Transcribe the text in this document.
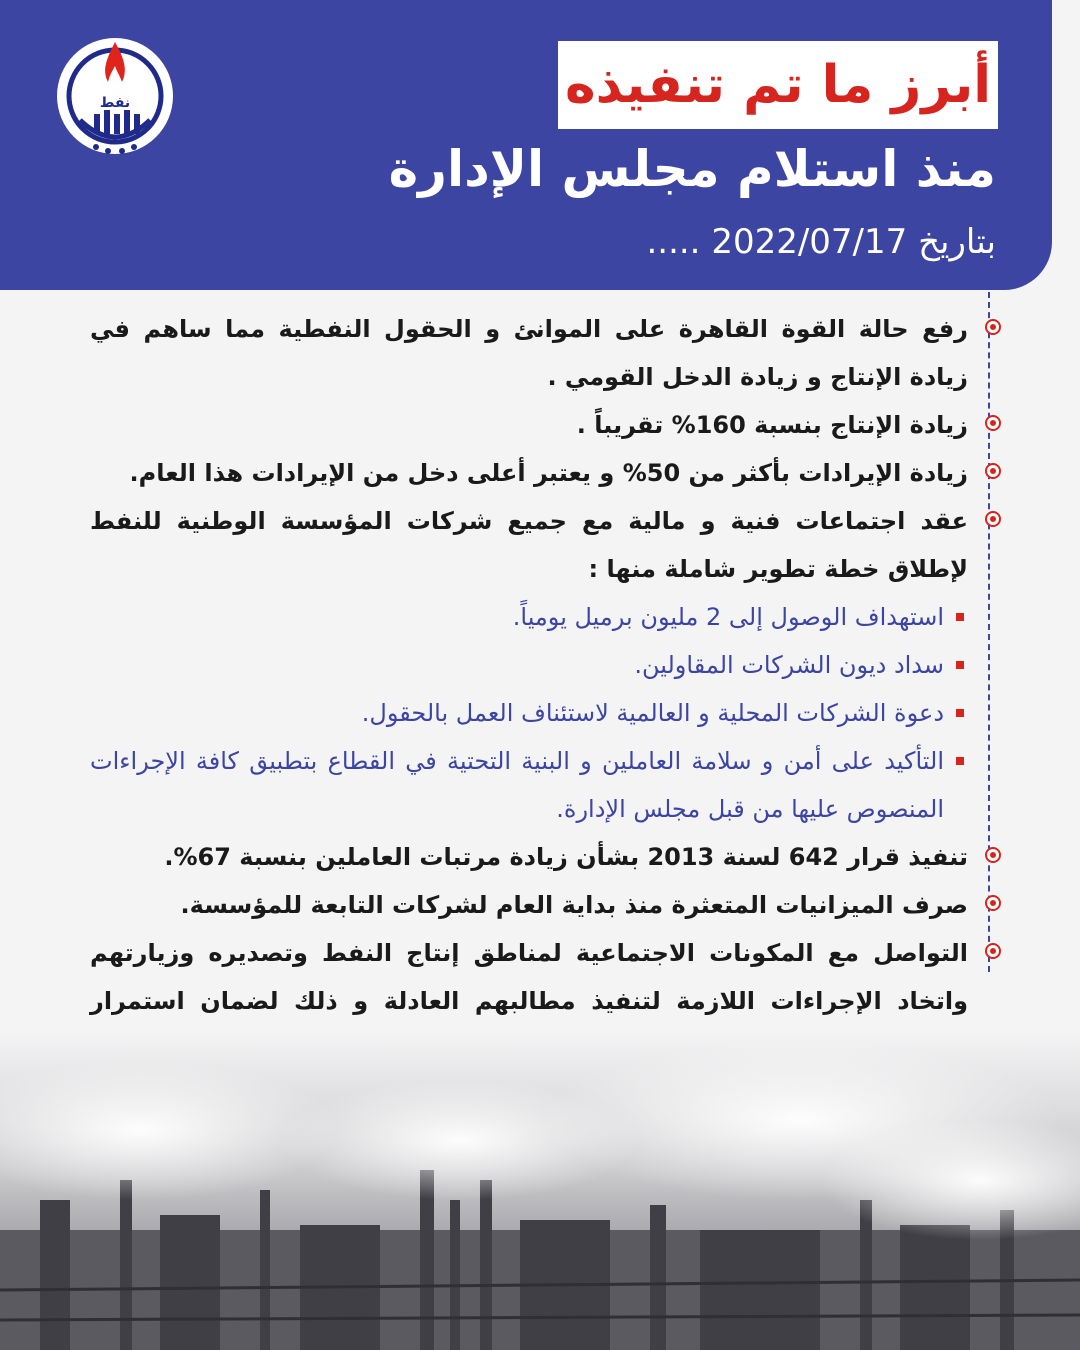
نفط	أبرز ما تم تنفيذه
منذ استلام مجلس الإدارة
بتاريخ 2022/07/17 .....

رفع حالة القوة القاهرة على الموانئ و الحقول النفطية مما ساهم في زيادة الإنتاج و زيادة الدخل القومي .

زيادة الإنتاج بنسبة 160% تقريباً .

زيادة الإيرادات بأكثر من 50% و يعتبر أعلى دخل من الإيرادات هذا العام.

عقد اجتماعات فنية و مالية مع جميع شركات المؤسسة الوطنية للنفط لإطلاق خطة تطوير شاملة منها :

استهداف الوصول إلى 2 مليون برميل يومياً.

سداد ديون الشركات المقاولين.

دعوة الشركات المحلية و العالمية لاستئناف العمل بالحقول.

التأكيد على أمن و سلامة العاملين و البنية التحتية في القطاع بتطبيق كافة الإجراءات المنصوص عليها من قبل مجلس الإدارة.

تنفيذ قرار 642 لسنة 2013 بشأن زيادة مرتبات العاملين بنسبة 67%.

صرف الميزانيات المتعثرة منذ بداية العام لشركات التابعة للمؤسسة.

التواصل مع المكونات الاجتماعية لمناطق إنتاج النفط وتصديره وزيارتهم واتخاد الإجراءات اللازمة لتنفيذ مطالبهم العادلة و ذلك لضمان استمرار
